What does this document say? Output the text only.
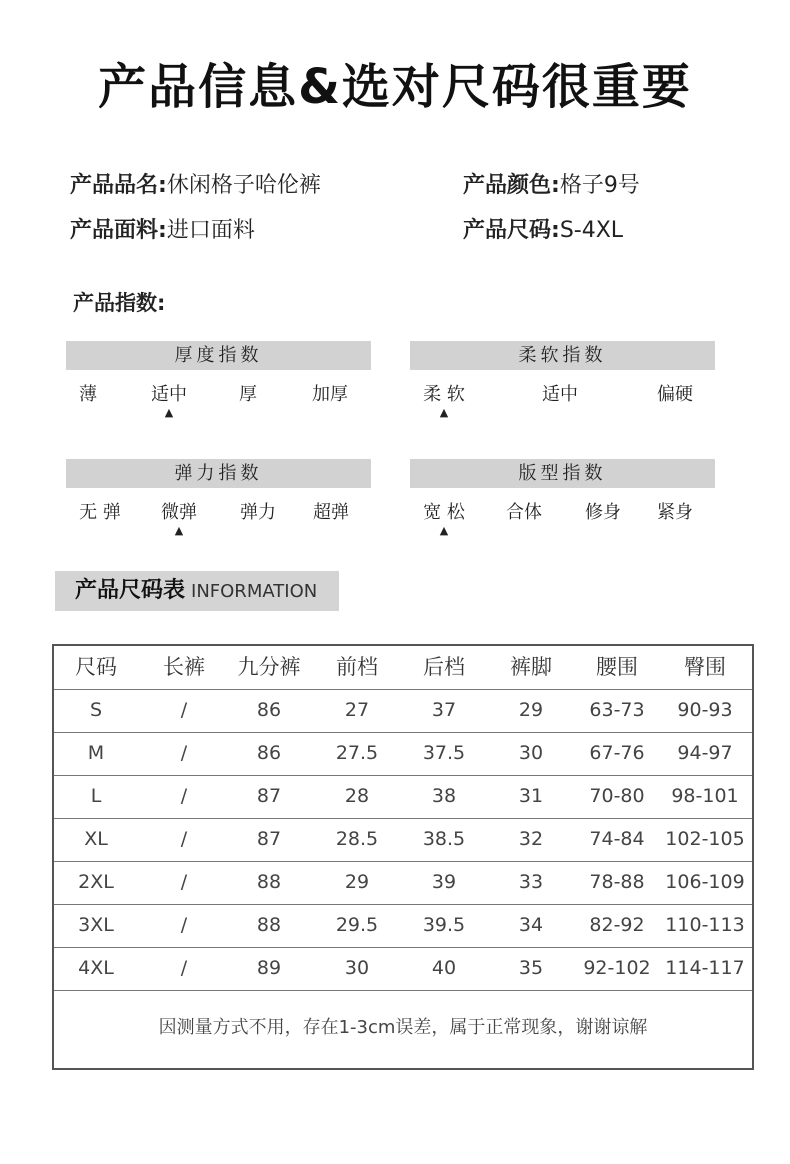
产品信息&选对尺码很重要
产品品名:休闲格子哈伦裤	产品颜色:格子9号
产品面料:进口面料	产品尺码:S-4XL
产品指数:
厚度指数
薄	适中	厚	加厚
▲
柔软指数
柔 软	适中	偏硬
▲
弹力指数
无 弹 微弹 弹力 超弹
▲
版型指数
宽 松 合体 修身 紧身
▲
产品尺码表 INFORMATION
因测量方式不用，存在1-3cm误差，属于正常现象，谢谢谅解
尺码 长裤 九分裤 前档 后档 裤脚 腰围 臀围
S	/	86	27	37	29 63-73 90-93
M	/	86	27.5 37.5	30 67-76 94-97
L	/	87	28	38	31 70-80 98-101
XL	/	87	28.5 38.5	32 74-84 102-105
2XL	/	88	29	39	33 78-88 106-109
3XL	/	88	29.5 39.5	34 82-92 110-113
4XL	/	89	30	40	35 92-102 114-117
